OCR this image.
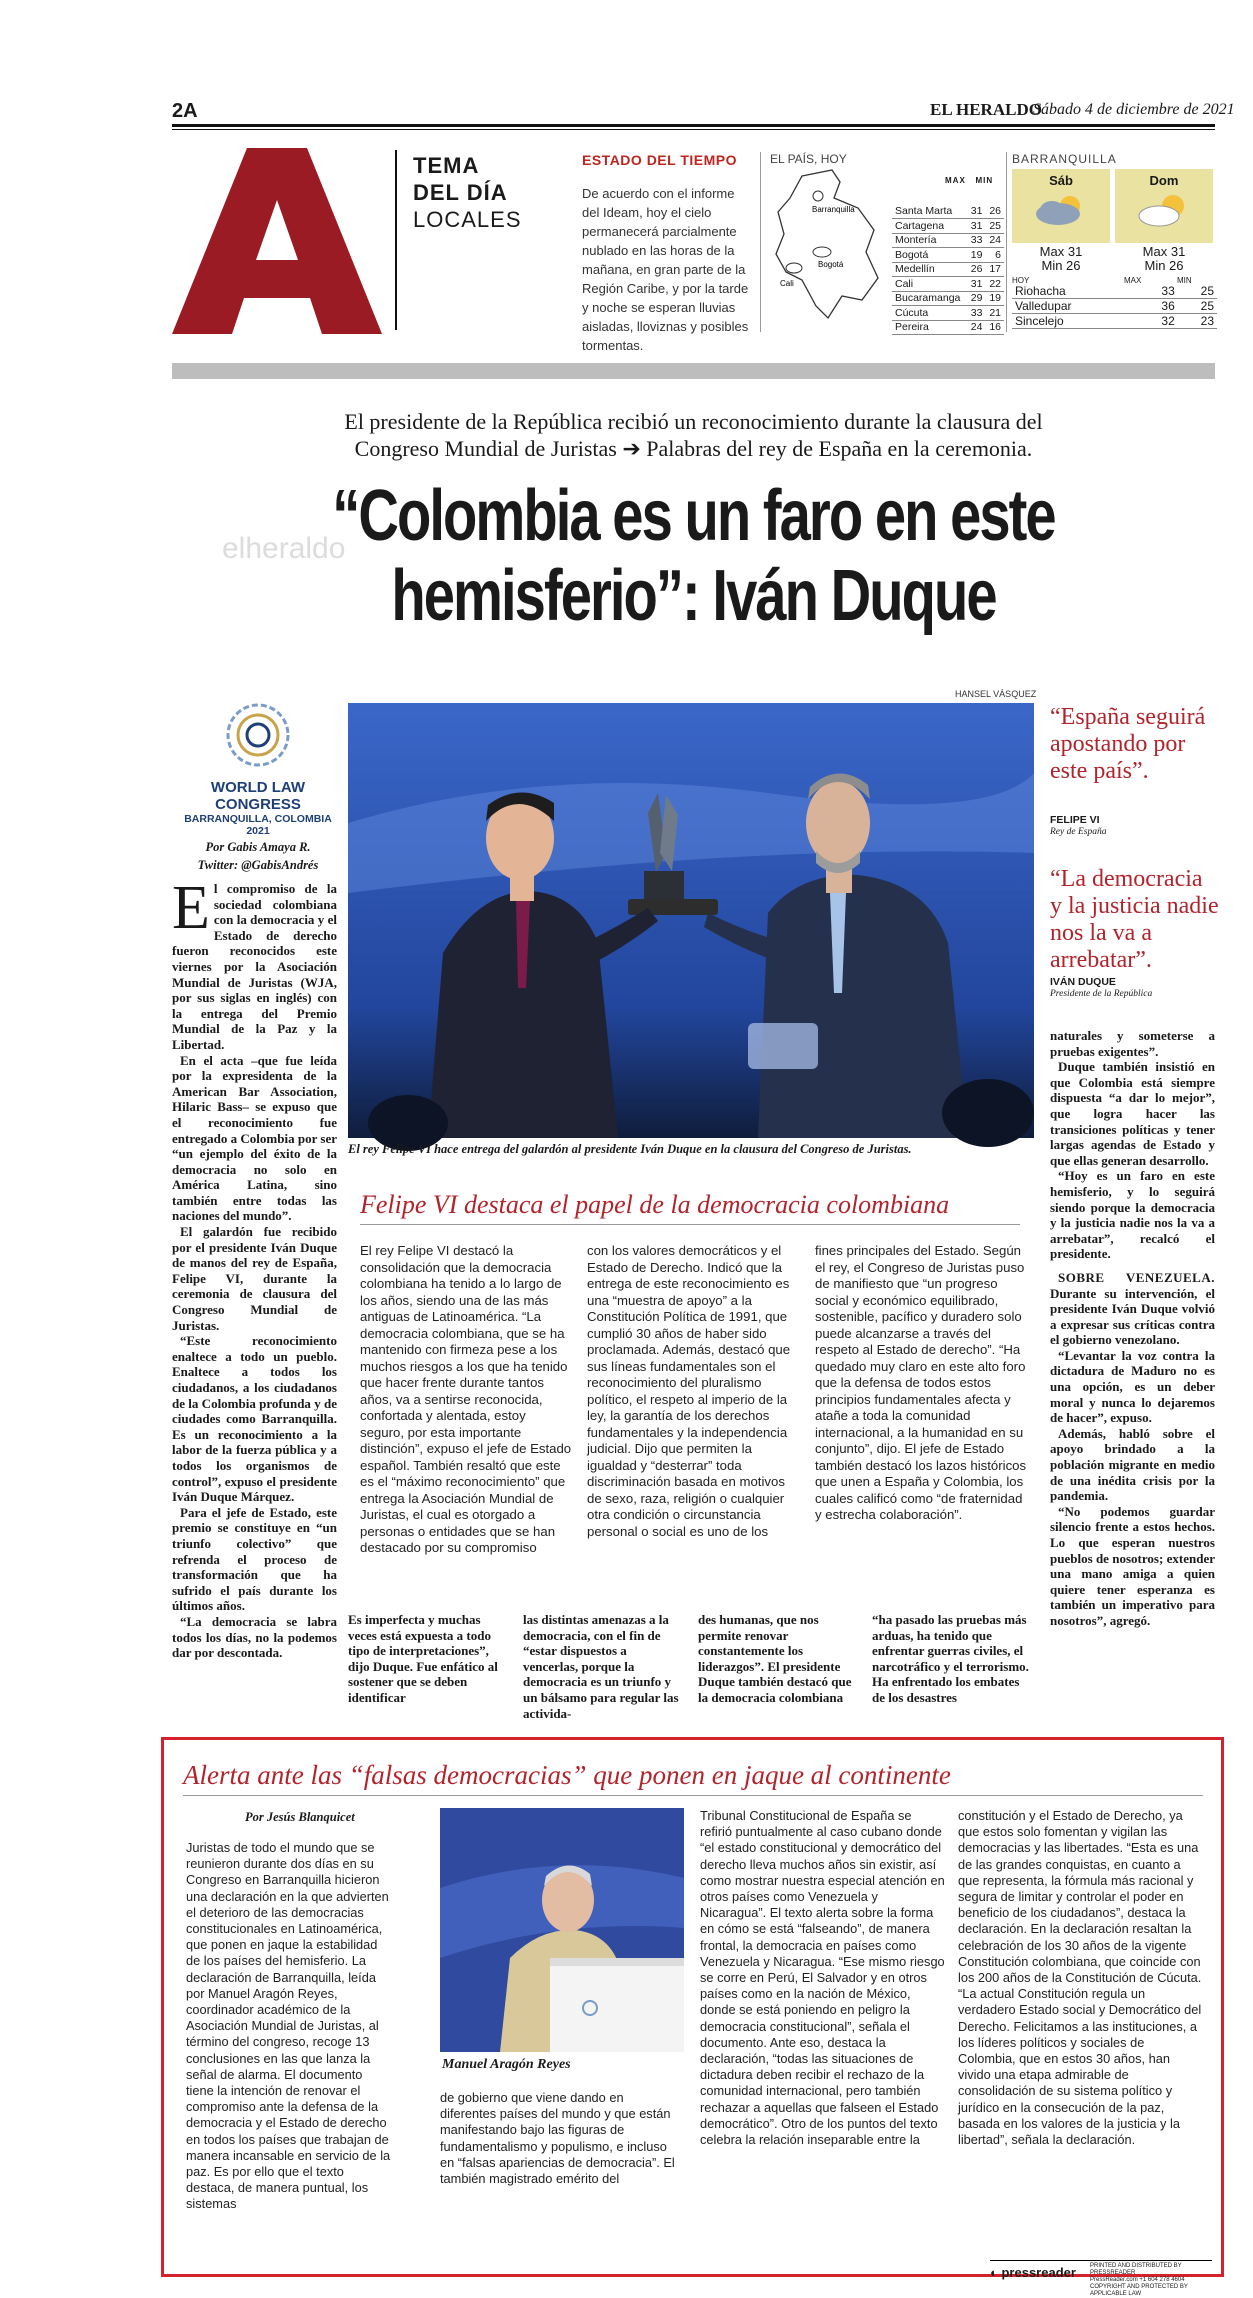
2A	EL HERALDO
Sábado 4 de diciembre de 2021
TEMA
DEL DÍA
LOCALES
ESTADO DEL TIEMPO
De acuerdo con el informe del Ideam, hoy el cielo permanecerá parcialmente nublado en las horas de la mañana, en gran parte de la Región Caribe, y por la tarde y noche se esperan lluvias aisladas, lloviznas y posibles tormentas.
EL PAÍS, HOY
Barranquilla
Bogotá
Cali
MAX MIN
Santa Marta	31	26
Cartagena	31	25
Montería	33	24
Bogotá	19	6
Medellín	26	17
Cali	31	22
Bucaramanga	29	19
Cúcuta	33	21
Pereira	24	16
BARRANQUILLA
Sáb	Dom
Max 31
Min 26
Max 31
Min 26
HOY	MAX	MIN
Riohacha	33	25
Valledupar	36	25
Sincelejo	32	23
El presidente de la República recibió un reconocimiento durante la clausura del
Congreso Mundial de Juristas ➔ Palabras del rey de España en la ceremonia.
elheraldo
“Colombia es un faro en este
hemisferio”: Iván Duque
WORLD LAW CONGRESS
BARRANQUILLA, COLOMBIA 2021
Por Gabis Amaya R.
Twitter: @GabisAndrés

El compromiso de la sociedad colombiana con la democracia y el Estado de derecho fueron reconocidos este viernes por la Asociación Mundial de Juristas (WJA, por sus siglas en inglés) con la entrega del Premio Mundial de la Paz y la Libertad.

En el acta –que fue leída por la expresidenta de la American Bar Association, Hilaric Bass– se expuso que el reconocimiento fue entregado a Colombia por ser “un ejemplo del éxito de la democracia no solo en América Latina, sino también entre todas las naciones del mundo”.

El galardón fue recibido por el presidente Iván Duque de manos del rey de España, Felipe VI, durante la ceremonia de clausura del Congreso Mundial de Juristas.

“Este reconocimiento enaltece a todo un pueblo. Enaltece a todos los ciudadanos, a los ciudadanos de la Colombia profunda y de ciudades como Barranquilla. Es un reconocimiento a la labor de la fuerza pública y a todos los organismos de control”, expuso el presidente Iván Duque Márquez.

Para el jefe de Estado, este premio se constituye en “un triunfo colectivo” que refrenda el proceso de transformación que ha sufrido el país durante los últimos años.

“La democracia se labra todos los días, no la podemos dar por descontada.

HANSEL VÁSQUEZ
El rey Felipe VI hace entrega del galardón al presidente Iván Duque en la clausura del Congreso de Juristas.
“España seguirá apostando por este país”.
FELIPE VI
Rey de España
“La democracia y la justicia nadie nos la va a arrebatar”.
IVÁN DUQUE
Presidente de la República

naturales y someterse a pruebas exigentes”.

Duque también insistió en que Colombia está siempre dispuesta “a dar lo mejor”, que logra hacer las transiciones políticas y tener largas agendas de Estado y que ellas generan desarrollo.

“Hoy es un faro en este hemisferio, y lo seguirá siendo porque la democracia y la justicia nadie nos la va a arrebatar”, recalcó el presidente.

SOBRE VENEZUELA. Durante su intervención, el presidente Iván Duque volvió a expresar sus críticas contra el gobierno venezolano.

“Levantar la voz contra la dictadura de Maduro no es una opción, es un deber moral y nunca lo dejaremos de hacer”, expuso.

Además, habló sobre el apoyo brindado a la población migrante en medio de una inédita crisis por la pandemia.

“No podemos guardar silencio frente a estos hechos. Lo que esperan nuestros pueblos de nosotros; extender una mano amiga a quien quiere tener esperanza es también un imperativo para nosotros”, agregó.

Felipe VI destaca el papel de la democracia colombiana
El rey Felipe VI destacó la consolidación que la democracia colombiana ha tenido a lo largo de los años, siendo una de las más antiguas de Latinoamérica. “La democracia colombiana, que se ha mantenido con firmeza pese a los muchos riesgos a los que ha tenido que hacer frente durante tantos años, va a sentirse reconocida, confortada y alentada, estoy seguro, por esta importante distinción”, expuso el jefe de Estado español. También resaltó que este es el “máximo reconocimiento” que entrega la Asociación Mundial de Juristas, el cual es otorgado a personas o entidades que se han destacado por su compromiso
con los valores democráticos y el Estado de Derecho. Indicó que la entrega de este reconocimiento es una “muestra de apoyo” a la Constitución Política de 1991, que cumplió 30 años de haber sido proclamada. Además, destacó que sus líneas fundamentales son el reconocimiento del pluralismo político, el respeto al imperio de la ley, la garantía de los derechos fundamentales y la independencia judicial. Dijo que permiten la igualdad y “desterrar” toda discriminación basada en motivos de sexo, raza, religión o cualquier otra condición o circunstancia personal o social es uno de los
fines principales del Estado. Según el rey, el Congreso de Juristas puso de manifiesto que “un progreso social y económico equilibrado, sostenible, pacífico y duradero solo puede alcanzarse a través del respeto al Estado de derecho”. “Ha quedado muy claro en este alto foro que la defensa de todos estos principios fundamentales afecta y atañe a toda la comunidad internacional, a la humanidad en su conjunto”, dijo. El jefe de Estado también destacó los lazos históricos que unen a España y Colombia, los cuales calificó como “de fraternidad y estrecha colaboración”.
Es imperfecta y muchas veces está expuesta a todo tipo de interpretaciones”, dijo Duque. Fue enfático al sostener que se deben identificar
las distintas amenazas a la democracia, con el fin de “estar dispuestos a vencerlas, porque la democracia es un triunfo y un bálsamo para regular las activida-
des humanas, que nos permite renovar constantemente los liderazgos”. El presidente Duque también destacó que la democracia colombiana
“ha pasado las pruebas más arduas, ha tenido que enfrentar guerras civiles, el narcotráfico y el terrorismo. Ha enfrentado los embates de los desastres
Alerta ante las “falsas democracias” que ponen en jaque al continente
Por Jesús Blanquicet
Juristas de todo el mundo que se reunieron durante dos días en su Congreso en Barranquilla hicieron una declaración en la que advierten el deterioro de las democracias constitucionales en Latinoamérica, que ponen en jaque la estabilidad de los países del hemisferio. La declaración de Barranquilla, leída por Manuel Aragón Reyes, coordinador académico de la Asociación Mundial de Juristas, al término del congreso, recoge 13 conclusiones en las que lanza la señal de alarma. El documento tiene la intención de renovar el compromiso ante la defensa de la democracia y el Estado de derecho en todos los países que trabajan de manera incansable en servicio de la paz. Es por ello que el texto destaca, de manera puntual, los sistemas
Manuel Aragón Reyes
de gobierno que viene dando en diferentes países del mundo y que están manifestando bajo las figuras de fundamentalismo y populismo, e incluso en “falsas apariencias de democracia”. El también magistrado emérito del
Tribunal Constitucional de España se refirió puntualmente al caso cubano donde “el estado constitucional y democrático del derecho lleva muchos años sin existir, así como mostrar nuestra especial atención en otros países como Venezuela y Nicaragua”. El texto alerta sobre la forma en cómo se está “falseando”, de manera frontal, la democracia en países como Venezuela y Nicaragua. “Ese mismo riesgo se corre en Perú, El Salvador y en otros países como en la nación de México, donde se está poniendo en peligro la democracia constitucional”, señala el documento. Ante eso, destaca la declaración, “todas las situaciones de dictadura deben recibir el rechazo de la comunidad internacional, pero también rechazar a aquellas que falseen el Estado democrático”. Otro de los puntos del texto celebra la relación inseparable entre la
constitución y el Estado de Derecho, ya que estos solo fomentan y vigilan las democracias y las libertades. “Esta es una de las grandes conquistas, en cuanto a que representa, la fórmula más racional y segura de limitar y controlar el poder en beneficio de los ciudadanos”, destaca la declaración. En la declaración resaltan la celebración de los 30 años de la vigente Constitución colombiana, que coincide con los 200 años de la Constitución de Cúcuta. “La actual Constitución regula un verdadero Estado social y Democrático del Derecho. Felicitamos a las instituciones, a los líderes políticos y sociales de Colombia, que en estos 30 años, han vivido una etapa admirable de consolidación de su sistema político y jurídico en la consecución de la paz, basada en los valores de la justicia y la libertad”, señala la declaración.
◐ pressreader PRINTED AND DISTRIBUTED BY PRESSREADER
PressReader.com +1 604 278 4604
COPYRIGHT AND PROTECTED BY APPLICABLE LAW
